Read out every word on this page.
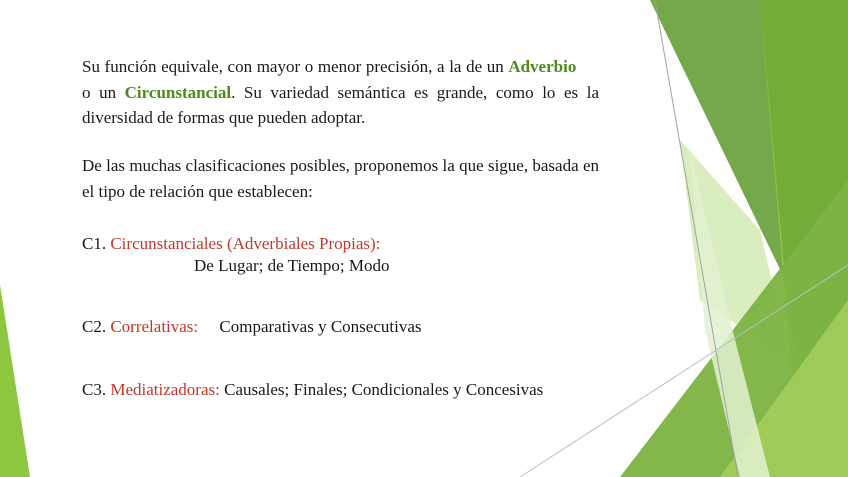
Su función equivale, con mayor o menor precisión, a la de un Adverbio      o un Circunstancial. Su variedad semántica es grande, como lo es la diversidad de formas que pueden adoptar.
De las muchas clasificaciones posibles, proponemos la que sigue, basada en el tipo de relación que establecen:
C1. Circunstanciales (Adverbiales Propias):
De Lugar; de Tiempo; Modo
C2. Correlativas: Comparativas y Consecutivas
C3. Mediatizadoras: Causales; Finales; Condicionales y Concesivas
